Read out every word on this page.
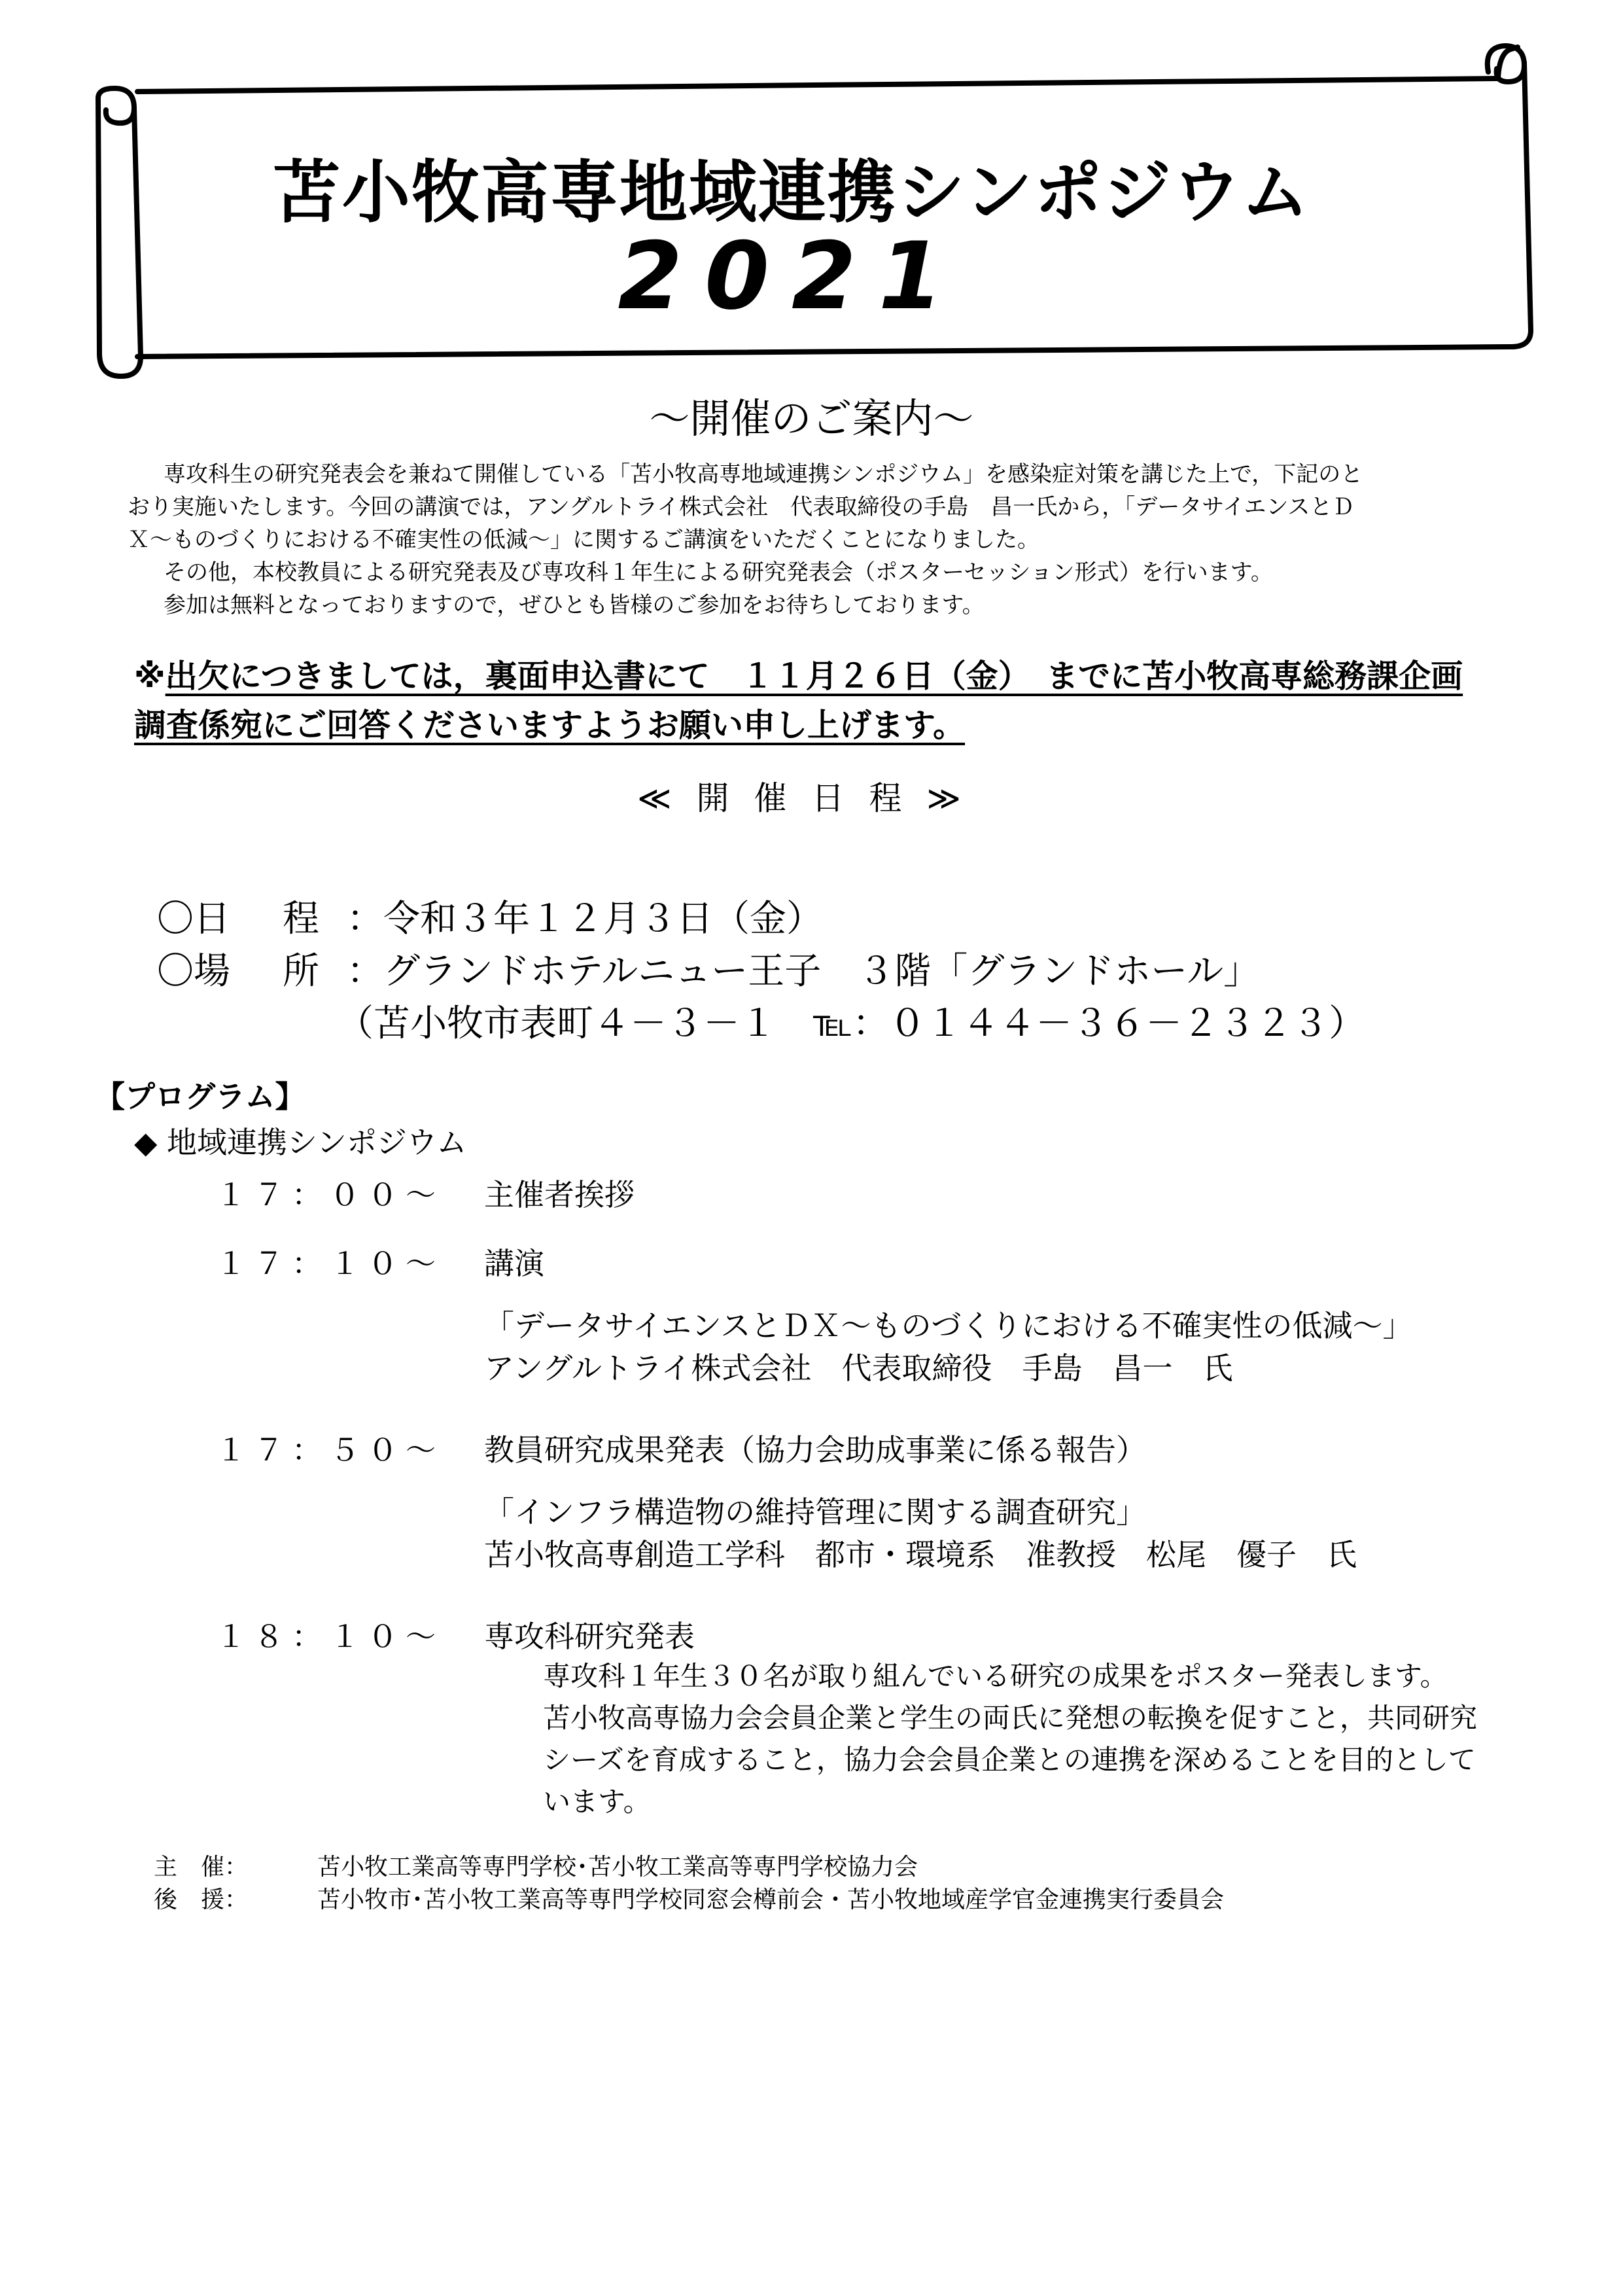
苫小牧高専地域連携シンポジウム
2021
～開催のご案内～
専攻科生の研究発表会を兼ねて開催している「苫小牧高専地域連携シンポジウム」を感染症対策を講じた上で，下記のと
おり実施いたします。今回の講演では，アングルトライ株式会社　代表取締役の手島　昌一氏から，「データサイエンスとＤ
Ｘ～ものづくりにおける不確実性の低減～」に関するご講演をいただくことになりました。
その他，本校教員による研究発表及び専攻科１年生による研究発表会（ポスターセッション形式）を行います。
参加は無料となっておりますので，ぜひとも皆様のご参加をお待ちしております。
※出欠につきましては，裏面申込書にて　１１月２６日（金）　までに苫小牧高専総務課企画
調査係宛にご回答くださいますようお願い申し上げます。
≪開催日程≫
〇日 程 ：令和３年１２月３日（金）
〇場 所 ：グランドホテルニュー王子　３階「グランドホール」
（苫小牧市表町４－３－１　℡：０１４４－３６－２３２３）
【プログラム】
◆ 地域連携シンポジウム
１７：００～ 主催者挨拶
１７：１０～ 講演
「データサイエンスとＤＸ～ものづくりにおける不確実性の低減～」
アングルトライ株式会社　代表取締役　手島　昌一　氏
１７：５０～ 教員研究成果発表（協力会助成事業に係る報告）
「インフラ構造物の維持管理に関する調査研究」
苫小牧高専創造工学科　都市・環境系　准教授　松尾　優子　氏
１８：１０～ 専攻科研究発表
専攻科１年生３０名が取り組んでいる研究の成果をポスター発表します。
苫小牧高専協力会会員企業と学生の両氏に発想の転換を促すこと，共同研究
シーズを育成すること，協力会会員企業との連携を深めることを目的として
います。
主　催：	苫小牧工業高等専門学校･苫小牧工業高等専門学校協力会
後　援：	苫小牧市･苫小牧工業高等専門学校同窓会樽前会・苫小牧地域産学官金連携実行委員会
